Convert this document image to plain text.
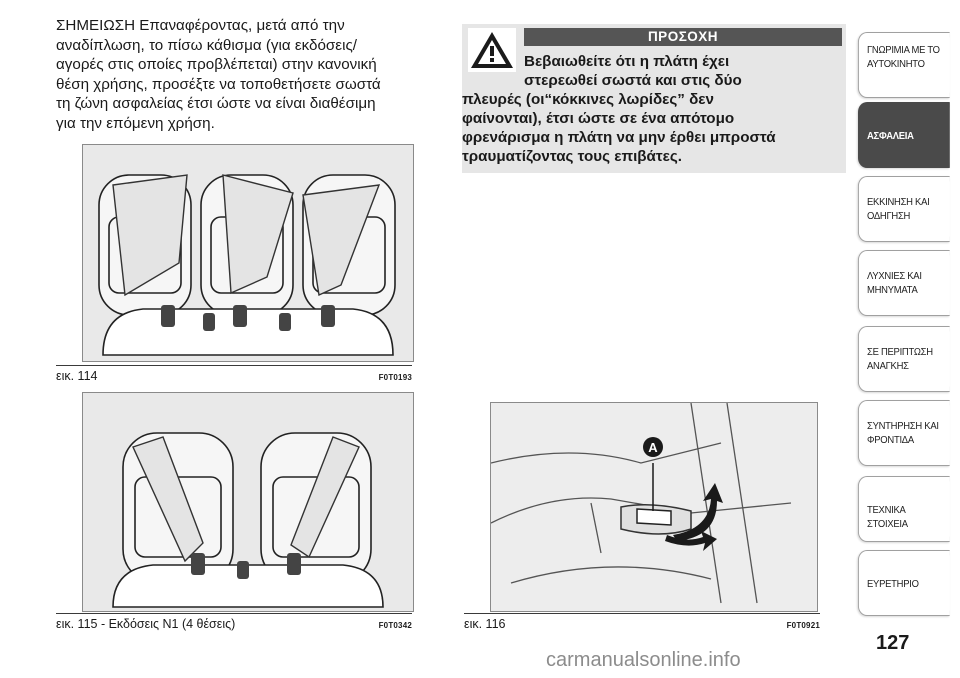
ΣΗΜΕΙΩΣΗ Επαναφέροντας, μετά από την
αναδίπλωση, το πίσω κάθισμα (για εκδόσεις/
αγορές στις οποίες προβλέπεται) στην κανονική
θέση χρήσης, προσέξτε να τοποθετήσετε σωστά
τη ζώνη ασφαλείας έτσι ώστε να είναι διαθέσιμη
για την επόμενη χρήση.

εικ. 114	F0T0193
εικ. 115 - Εκδόσεις N1 (4 θέσεις)	F0T0342
ΠΡΟΣΟΧΗ

Βεβαιωθείτε ότι η πλάτη έχει
στερεωθεί σωστά και στις δύο
πλευρές (οι“κόκκινες λωρίδες” δεν
φαίνονται), έτσι ώστε σε ένα απότομο
φρενάρισμα η πλάτη να μην έρθει μπροστά
τραυματίζοντας τους επιβάτες.

A
εικ. 116	F0T0921
ΓΝΩΡΙΜΙΑ ΜΕ ΤΟ
ΑΥΤΟΚΙΝΗΤΟ
ΑΣΦΑΛΕΙΑ
ΕΚΚΙΝΗΣΗ ΚΑΙ
ΟΔΗΓΗΣΗ
ΛΥΧΝΙΕΣ ΚΑΙ
ΜΗΝΥΜΑΤΑ
ΣΕ ΠΕΡΙΠΤΩΣΗ
ΑΝΑΓΚΗΣ
ΣΥΝΤΗΡΗΣΗ ΚΑΙ
ΦΡΟΝΤΙΔΑ
ΤΕΧΝΙΚΑ ΣΤΟΙΧΕΙΑ
ΕΥΡΕΤΗΡΙΟ
127
carmanualsonline.info
